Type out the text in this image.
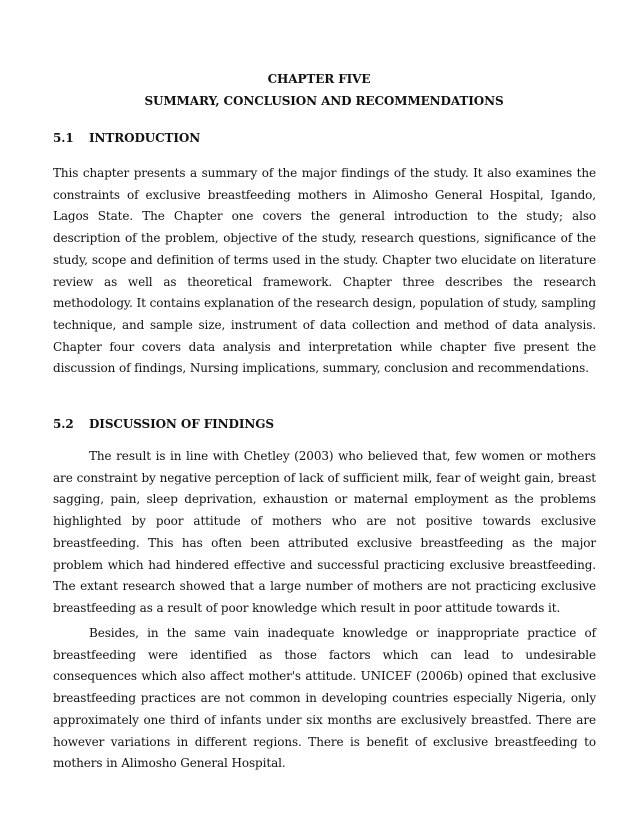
CHAPTER FIVE
SUMMARY, CONCLUSION AND RECOMMENDATIONS
5.1	INTRODUCTION

This chapter presents a summary of the major findings of the study. It also examines the constraints of exclusive breastfeeding mothers in Alimosho General Hospital, Igando, Lagos State. The Chapter one covers the general introduction to the study; also description of the problem, objective of the study, research questions, significance of the study, scope and definition of terms used in the study. Chapter two elucidate on literature review as well as theoretical framework. Chapter three describes the research methodology. It contains explanation of the research design, population of study, sampling technique, and sample size, instrument of data collection and method of data analysis. Chapter four covers data analysis and interpretation while chapter five present the discussion of findings, Nursing implications, summary, conclusion and recommendations.

5.2	DISCUSSION OF FINDINGS

The result is in line with Chetley (2003) who believed that, few women or mothers are constraint by negative perception of lack of sufficient milk, fear of weight gain, breast sagging, pain, sleep deprivation, exhaustion or maternal employment as the problems highlighted by poor attitude of mothers who are not positive towards exclusive breastfeeding. This has often been attributed exclusive breastfeeding as the major problem which had hindered effective and successful practicing exclusive breastfeeding. The extant research showed that a large number of mothers are not practicing exclusive breastfeeding as a result of poor knowledge which result in poor attitude towards it.

Besides, in the same vain inadequate knowledge or inappropriate practice of breastfeeding were identified as those factors which can lead to undesirable consequences which also affect mother's attitude. UNICEF (2006b) opined that exclusive breastfeeding practices are not common in developing countries especially Nigeria, only approximately one third of infants under six months are exclusively breastfed. There are however variations in different regions. There is benefit of exclusive breastfeeding to mothers in Alimosho General Hospital.
